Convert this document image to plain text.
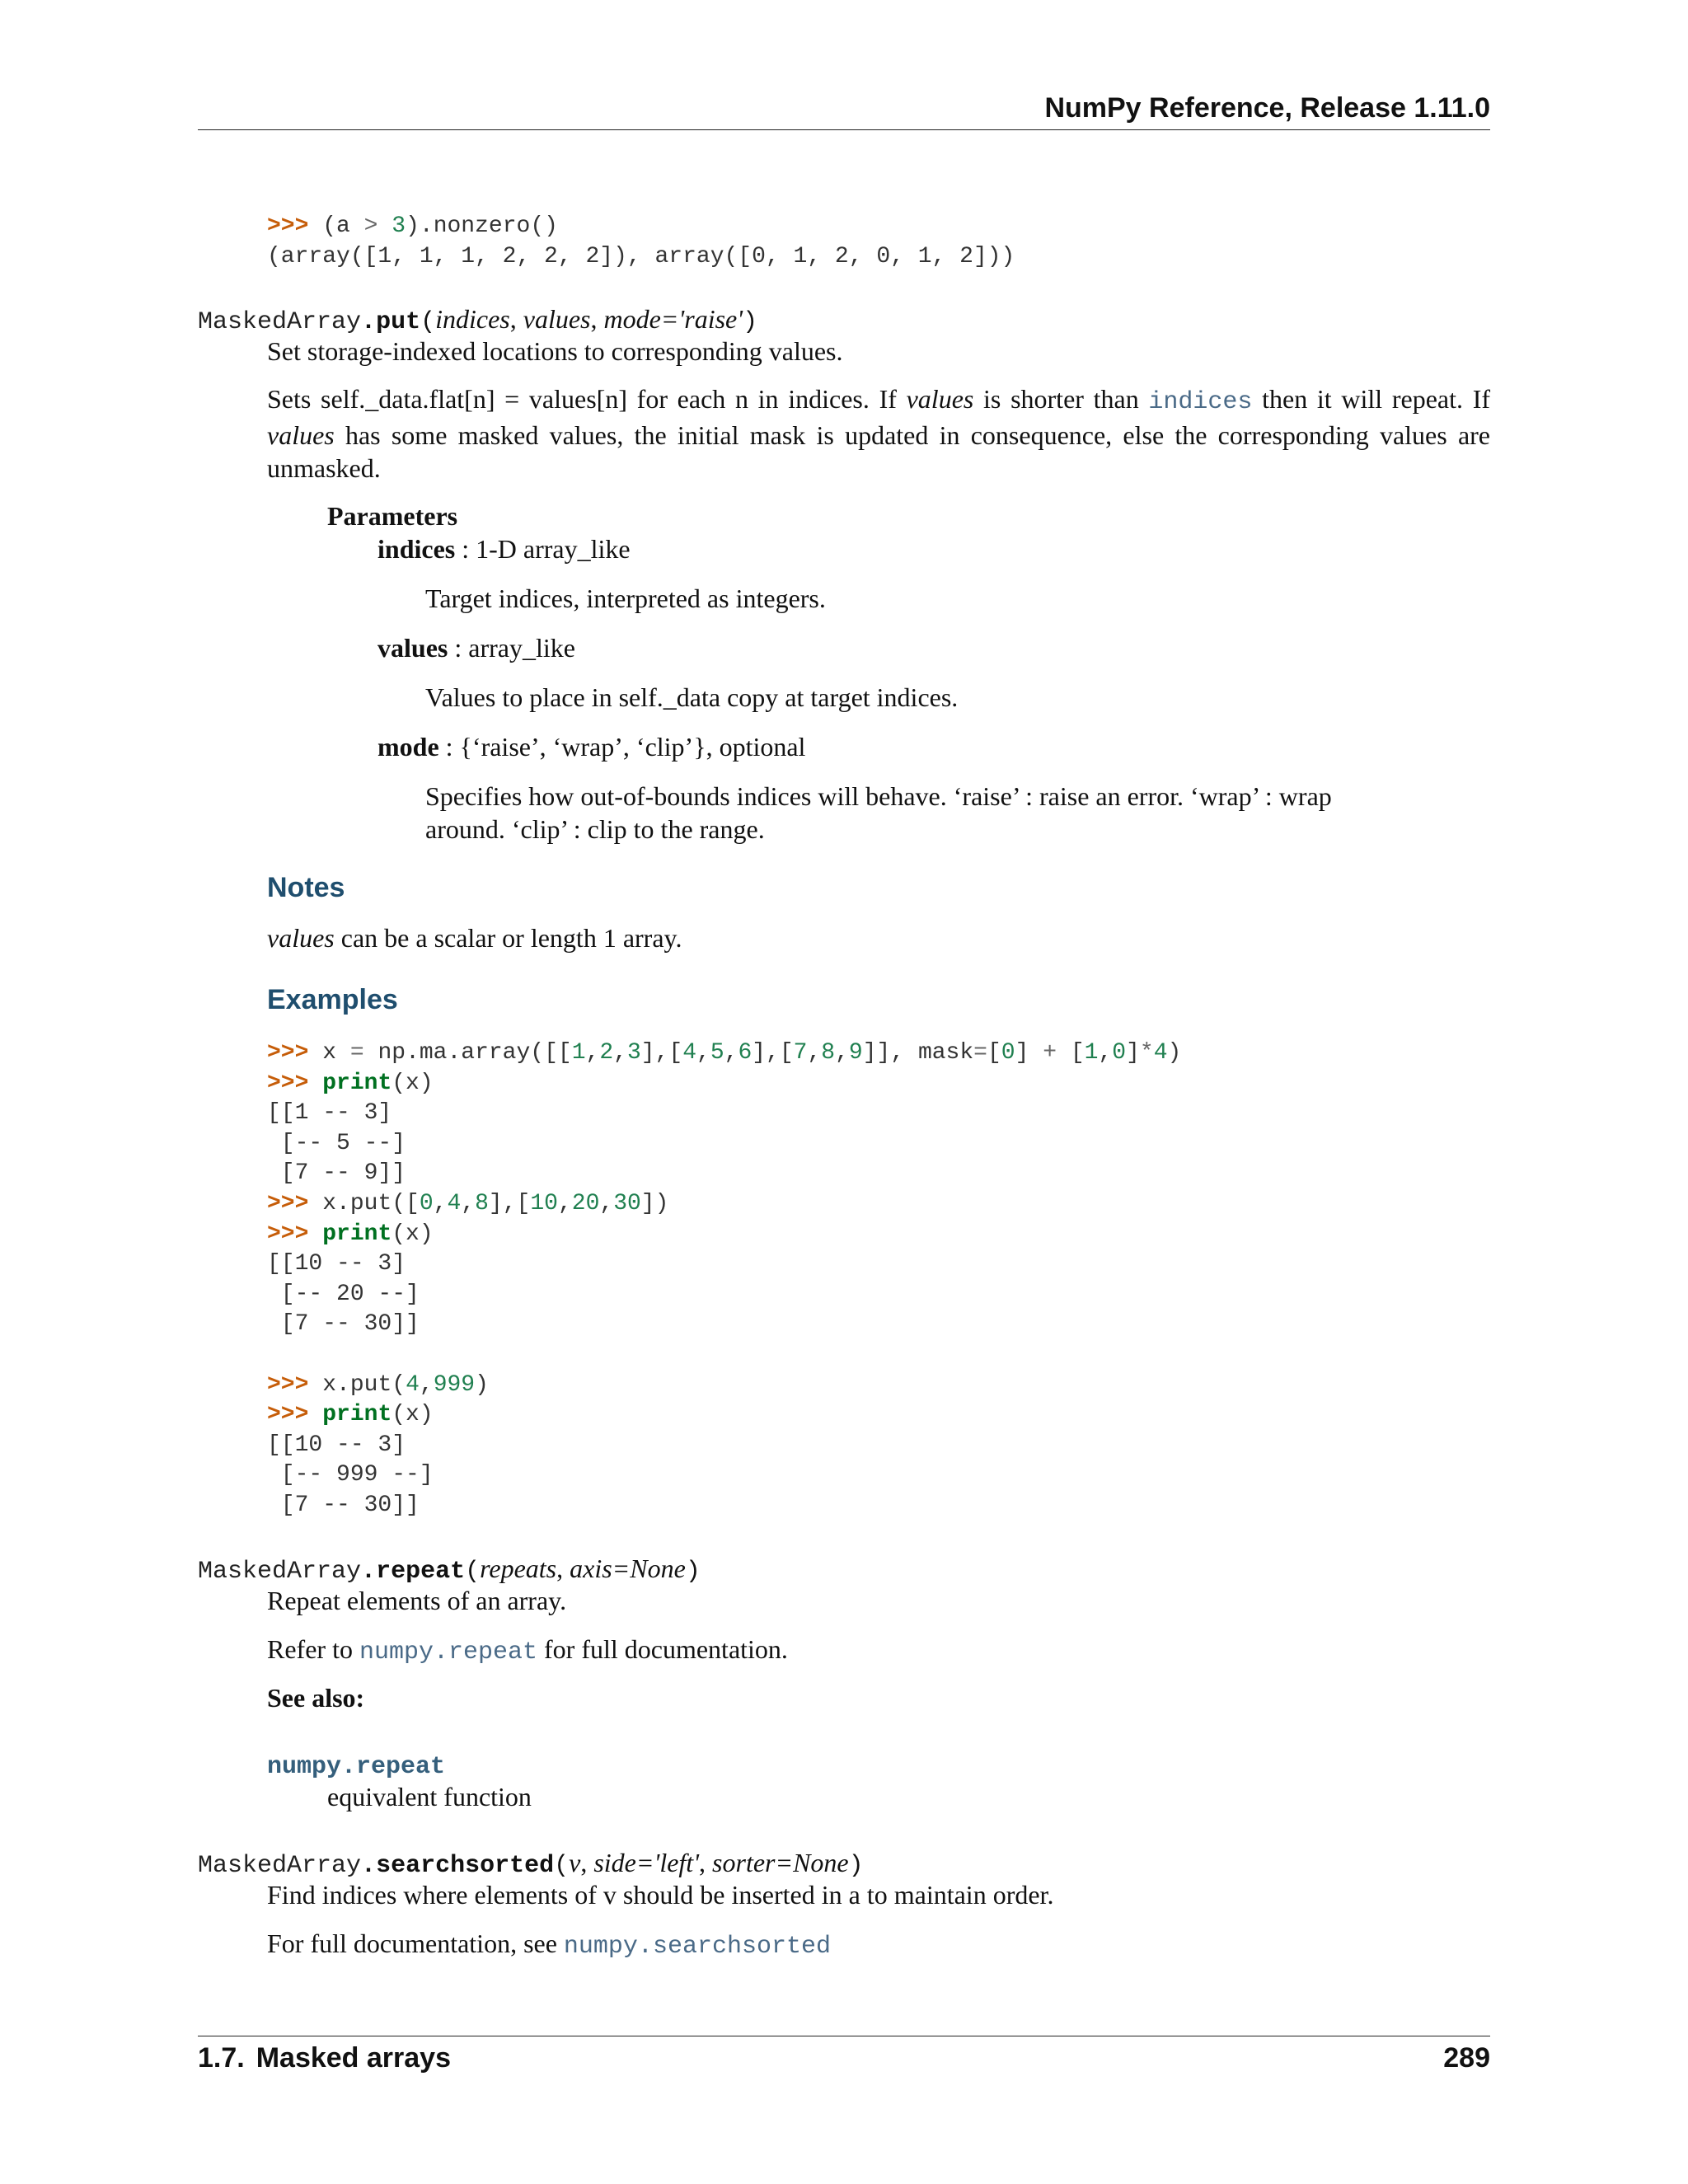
NumPy Reference, Release 1.11.0
>>> (a > 3).nonzero()
(array([1, 1, 1, 2, 2, 2]), array([0, 1, 2, 0, 1, 2]))
MaskedArray.put(indices, values, mode='raise')
Set storage-indexed locations to corresponding values.
Sets self._data.flat[n] = values[n] for each n in indices. If values is shorter than indices then it will repeat. If values has some masked values, the initial mask is updated in consequence, else the corresponding values are unmasked.
Parameters
indices : 1-D array_like
Target indices, interpreted as integers.
values : array_like
Values to place in self._data copy at target indices.
mode : {‘raise’, ‘wrap’, ‘clip’}, optional
Specifies how out-of-bounds indices will behave. ‘raise’ : raise an error. ‘wrap’ : wrap around. ‘clip’ : clip to the range.
Notes
values can be a scalar or length 1 array.
Examples
>>> x = np.ma.array([[1,2,3],[4,5,6],[7,8,9]], mask=[0] + [1,0]*4)
>>> print(x)
[[1 -- 3]
[-- 5 --]
[7 -- 9]]
>>> x.put([0,4,8],[10,20,30])
>>> print(x)
[[10 -- 3]
[-- 20 --]
[7 -- 30]]

>>> x.put(4,999)
>>> print(x)
[[10 -- 3]
[-- 999 --]
[7 -- 30]]
MaskedArray.repeat(repeats, axis=None)
Repeat elements of an array.
Refer to numpy.repeat for full documentation.
See also:
numpy.repeat
equivalent function
MaskedArray.searchsorted(v, side='left', sorter=None)
Find indices where elements of v should be inserted in a to maintain order.
For full documentation, see numpy.searchsorted
1.7. Masked arrays	289
